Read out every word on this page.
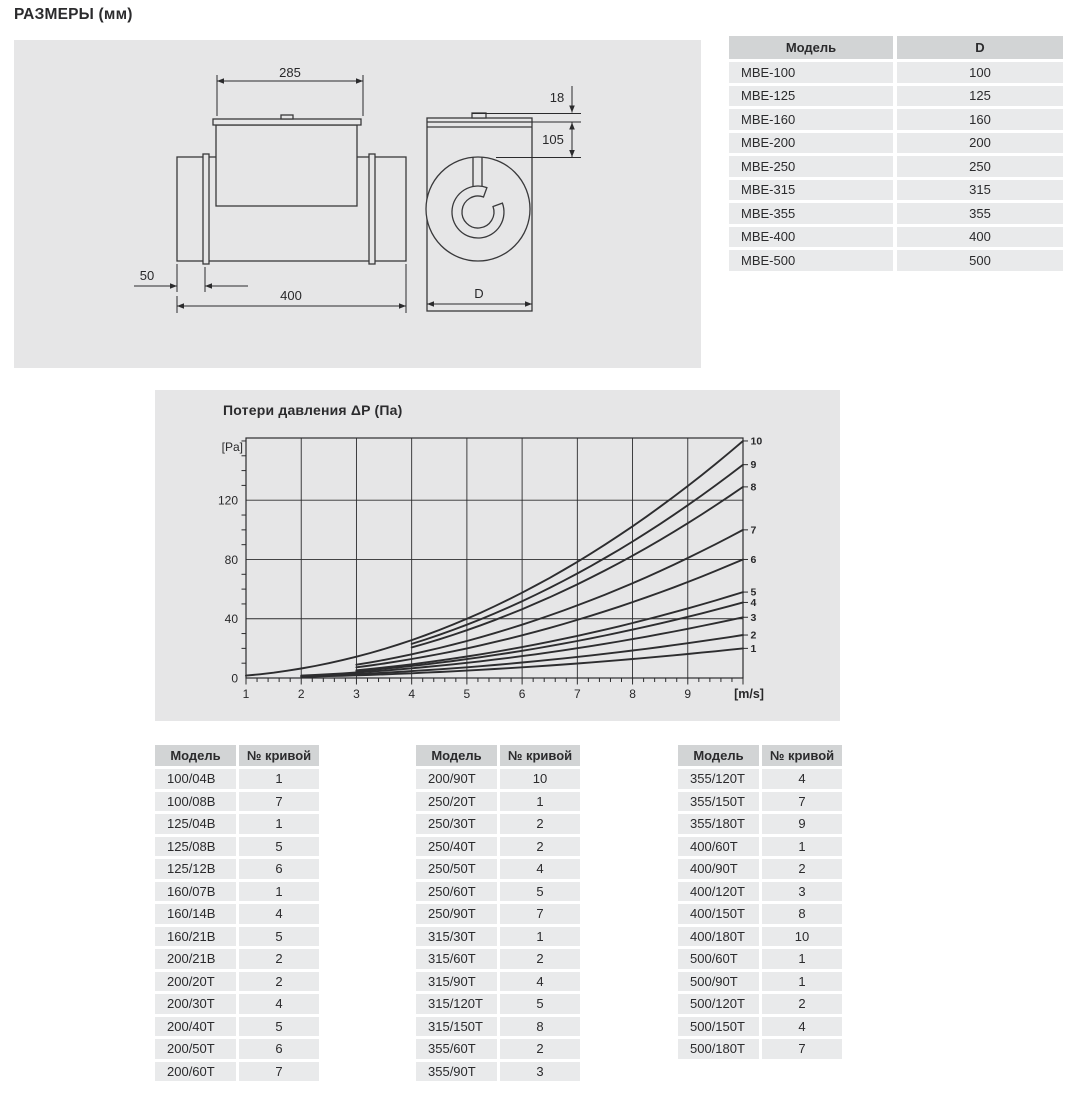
РАЗМЕРЫ (мм)
285
50
400
18
105
D
Модель	D
MBE-100	100
MBE-125	125
MBE-160	160
MBE-200	200
MBE-250	250
MBE-315	315
MBE-355	355
MBE-400	400
MBE-500	500
Потери давления ΔP (Па)
1	2	3	4	5	6	7	8	9
0
40
80
120
[m/s]
[Pa]
1
2
3
4
5
6
7
8
9
10
Модель	№ кривой
100/04B	1
100/08B	7
125/04B	1
125/08B	5
125/12B	6
160/07B	1
160/14B	4
160/21B	5
200/21B	2
200/20T	2
200/30T	4
200/40T	5
200/50T	6
200/60T	7
Модель	№ кривой
200/90T	10
250/20T	1
250/30T	2
250/40T	2
250/50T	4
250/60T	5
250/90T	7
315/30T	1
315/60T	2
315/90T	4
315/120T	5
315/150T	8
355/60T	2
355/90T	3
Модель	№ кривой
355/120T	4
355/150T	7
355/180T	9
400/60T	1
400/90T	2
400/120T	3
400/150T	8
400/180T	10
500/60T	1
500/90T	1
500/120T	2
500/150T	4
500/180T	7
